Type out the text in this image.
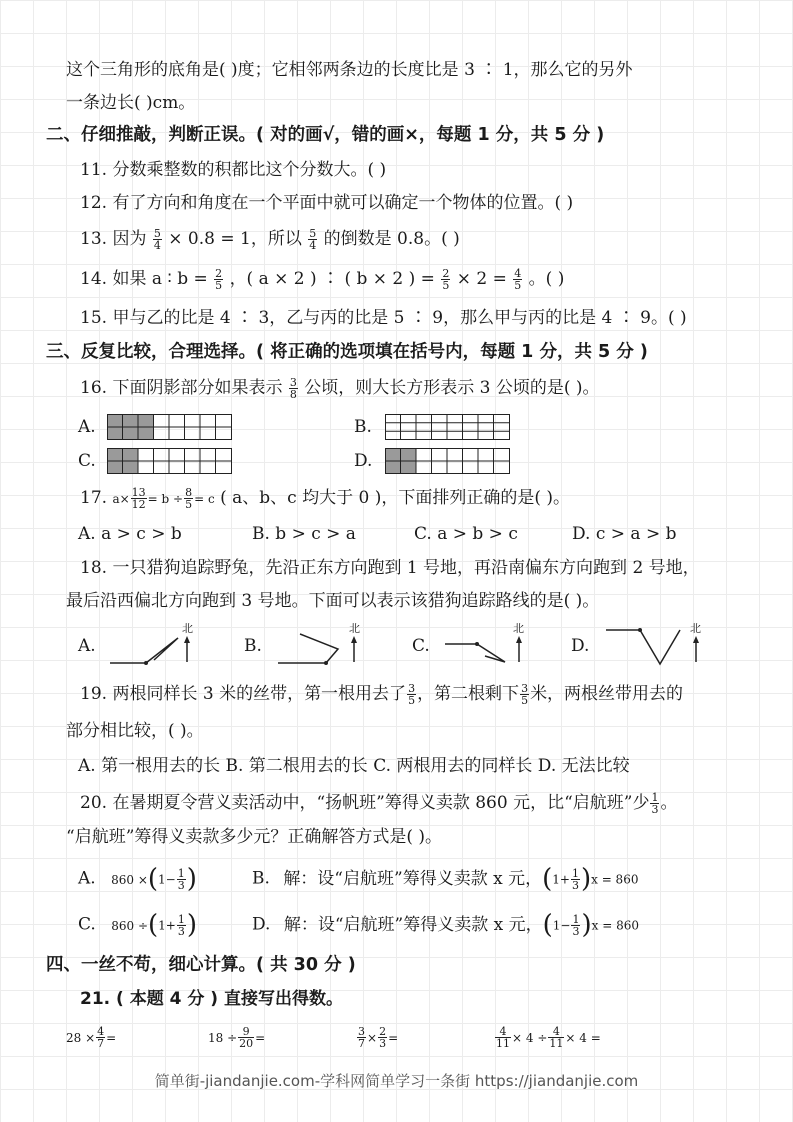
这个三角形的底角是( )度；它相邻两条边的长度比是 3 ∶ 1，那么它的另外
一条边长( )cm。
二、仔细推敲，判断正误。( 对的画√，错的画×，每题 1 分，共 5 分 )
11. 分数乘整数的积都比这个分数大。( )
12. 有了方向和角度在一个平面中就可以确定一个物体的位置。( )
13. 因为 $\frac{5}{4} \times 0.8 = 1$，所以 $\frac{5}{4}$ 的倒数是 0.8。( )
14. 如果 a ∶ $b = \frac{2}{5}$ ，( a × 2 ) ∶ ( b × 2 ) = $\frac{2}{5} \times 2 = \frac{4}{5}$ 。( )
15. 甲与乙的比是 4 ∶ 3，乙与丙的比是 5 ∶ 9，那么甲与丙的比是 4 ∶ 9。( )
三、反复比较，合理选择。( 将正确的选项填在括号内，每题 1 分，共 5 分 )
16. 下面阴影部分如果表示 $\frac{3}{8}$ 公顷，则大长方形表示 3 公顷的是( )。
A.	B.
C.	D.
17. $a\times \frac{13}{12} = b \div \frac{8}{5} = c$ ( a、b、c 均大于 0 )，下面排列正确的是( )。
A. a > c > b	B. b > c > a	C. a > b > c	D. c > a > b
18. 一只猎狗追踪野兔，先沿正东方向跑到 1 号地，再沿南偏东方向跑到 2 号地，
最后沿西偏北方向跑到 3 号地。下面可以表示该猎狗追踪路线的是( )。
A.	B.	C.	D.
北	北	北	北
19. 两根同样长 3 米的丝带，第一根用去了 $\frac{3}{5}$ ，第二根剩下 $\frac{3}{5}$ 米，两根丝带用去的
部分相比较，( )。
A. 第一根用去的长 B. 第二根用去的长 C. 两根用去的同样长 D. 无法比较
20. 在暑期夏令营义卖活动中，“扬帆班”筹得义卖款 860 元，比“启航班”少 $\frac{1}{3}$ 。
“启航班”筹得义卖款多少元？正确解答方式是( )。
A. $860 \times(1- \frac{1}{3}$ )	B. 解：设“启航班”筹得义卖款 x 元，$(1+ \frac{1}{3} )x = 860$
C. $860 \div(1+ \frac{1}{3}$ )	D. 解：设“启航班”筹得义卖款 x 元，$(1- \frac{1}{3} )x = 860$
四、一丝不苟，细心计算。( 共 30 分 )
21. ( 本题 4 分 ) 直接写出得数。
$28 \times \frac{4}{7}$ =	$18 \div \frac{9}{20}$ =	$\frac{3}{7} \times \frac{2}{3}$ =	$\frac{4}{11} \times 4 \div \frac{4}{11} \times 4$ =
简单街-jiandanjie.com-学科网简单学习一条街 https://jiandanjie.com
